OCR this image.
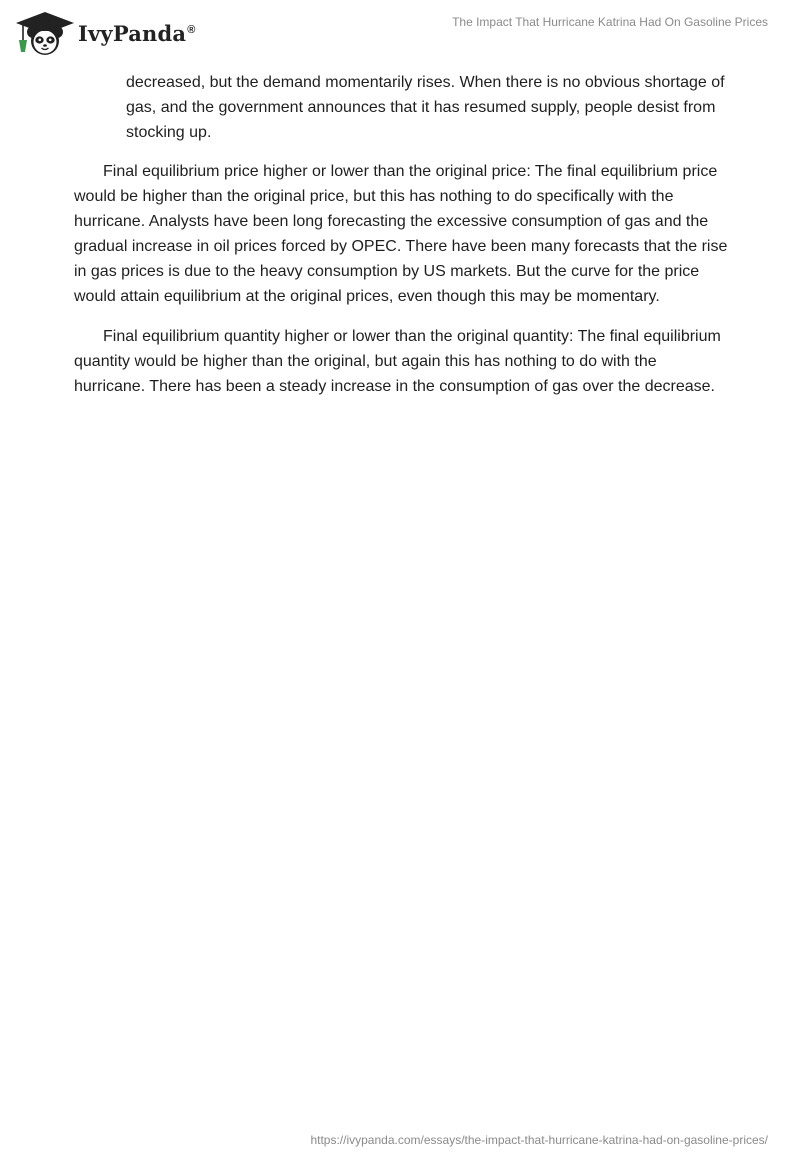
IvyPanda®
The Impact That Hurricane Katrina Had On Gasoline Prices

decreased, but the demand momentarily rises. When there is no obvious shortage of gas, and the government announces that it has resumed supply, people desist from stocking up.

Final equilibrium price higher or lower than the original price: The final equilibrium price would be higher than the original price, but this has nothing to do specifically with the hurricane. Analysts have been long forecasting the excessive consumption of gas and the gradual increase in oil prices forced by OPEC. There have been many forecasts that the rise in gas prices is due to the heavy consumption by US markets. But the curve for the price would attain equilibrium at the original prices, even though this may be momentary.

Final equilibrium quantity higher or lower than the original quantity: The final equilibrium quantity would be higher than the original, but again this has nothing to do with the hurricane. There has been a steady increase in the consumption of gas over the decrease.

https://ivypanda.com/essays/the-impact-that-hurricane-katrina-had-on-gasoline-prices/
